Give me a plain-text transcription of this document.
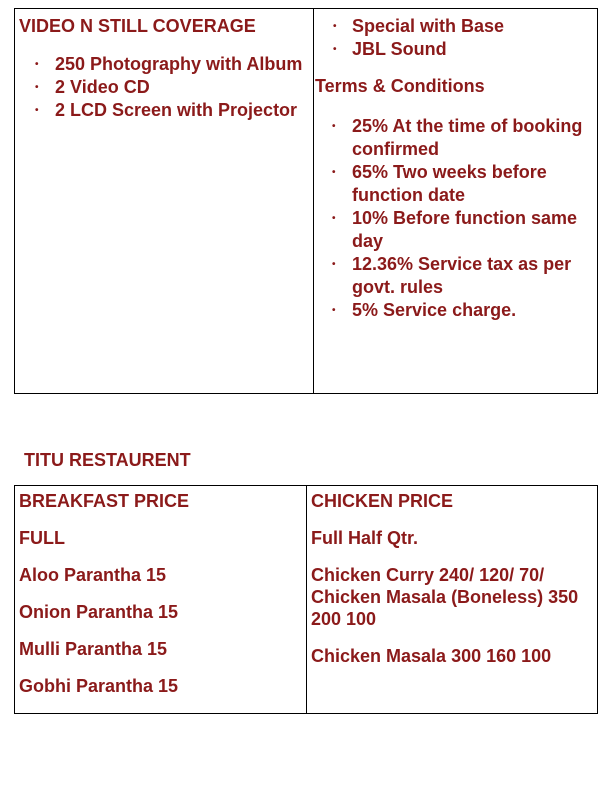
VIDEO N STILL COVERAGE

• 250 Photography with Album
• 2 Video CD
• 2 LCD Screen with Projector
• Special with Base
• JBL Sound

Terms & Conditions

• 25% At the time of booking confirmed
• 65% Two weeks before function date
• 10% Before function same day
• 12.36% Service tax as per govt. rules
• 5% Service charge.

TITU RESTAURENT

BREAKFAST PRICE

FULL

Aloo Parantha 15

Onion Parantha 15

Mulli Parantha 15

Gobhi Parantha 15

CHICKEN PRICE

Full Half Qtr.

Chicken Curry 240/ 120/ 70/

Chicken Masala (Boneless) 350 200 100

Chicken Masala 300 160 100
